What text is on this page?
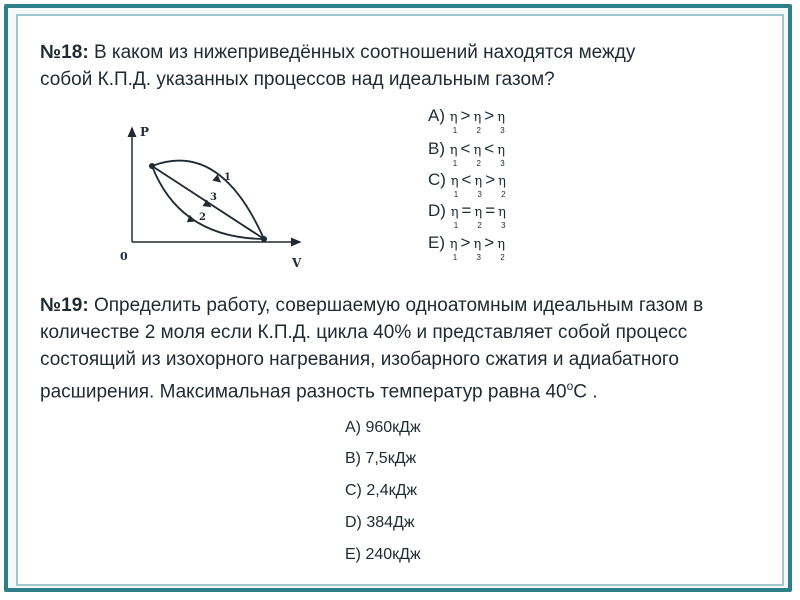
№18: В каком из нижеприведённых соотношений находятся между собой К.П.Д. указанных процессов над идеальным газом?

P
V
0
1
3
2
A) η
1
> η
2
> η
3
B) η
1
< η
2
< η
3
C) η
1
< η
3
> η
2
D) η
1
= η
2
= η
3
E) η
1
> η
3
> η
2

№19: Определить работу, совершаемую одноатомным идеальным газом в количестве 2 моля если К.П.Д. цикла 40% и представляет собой процесс состоящий из изохорного нагревания, изобарного сжатия и адиабатного расширения. Максимальная разность температур равна $40^оС$ .

A) 960кДж
B) 7,5кДж
C) 2,4кДж
D) 384Дж
E) 240кДж
